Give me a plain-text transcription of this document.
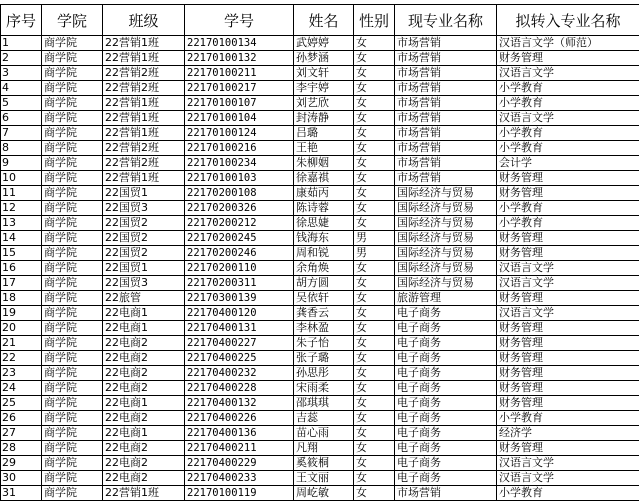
序号	学院	班级	学号	姓名	性别	现专业名称	拟转入专业名称
1	商学院	22营销1班	22170100134	武婷婷	女	市场营销	汉语言文学（师范）
2	商学院	22营销1班	22170100132	孙梦涵	女	市场营销	财务管理
3	商学院	22营销2班	22170100211	刘文轩	女	市场营销	汉语言文学
4	商学院	22营销2班	22170100217	李宇婷	女	市场营销	小学教育
5	商学院	22营销1班	22170100107	刘艺欣	女	市场营销	小学教育
6	商学院	22营销1班	22170100104	封涛静	女	市场营销	汉语言文学
7	商学院	22营销1班	22170100124	吕璐	女	市场营销	小学教育
8	商学院	22营销2班	22170100216	王艳	女	市场营销	小学教育
9	商学院	22营销2班	22170100234	朱柳姻	女	市场营销	会计学
10	商学院	22营销1班	22170100103	徐嘉祺	女	市场营销	财务管理
11	商学院	22国贸1	22170200108	康茹丙	女	国际经济与贸易	财务管理
12	商学院	22国贸3	22170200326	陈诗蓉	女	国际经济与贸易	小学教育
13	商学院	22国贸2	22170200212	徐思婕	女	国际经济与贸易	小学教育
14	商学院	22国贸2	22170200245	钱海东	男	国际经济与贸易	财务管理
15	商学院	22国贸2	22170200246	周和锐	男	国际经济与贸易	财务管理
16	商学院	22国贸1	22170200110	余角焕	女	国际经济与贸易	汉语言文学
17	商学院	22国贸3	22170200311	胡方圆	女	国际经济与贸易	汉语言文学
18	商学院	22旅管	22170300139	吴依轩	女	旅游管理	财务管理
19	商学院	22电商1	22170400120	龚香云	女	电子商务	汉语言文学
20	商学院	22电商1	22170400131	李林盈	女	电子商务	财务管理
21	商学院	22电商2	22170400227	朱子怡	女	电子商务	财务管理
22	商学院	22电商2	22170400225	张子璐	女	电子商务	财务管理
23	商学院	22电商2	22170400232	孙思彤	女	电子商务	财务管理
24	商学院	22电商2	22170400228	宋雨柔	女	电子商务	财务管理
25	商学院	22电商1	22170400132	邵琪琪	女	电子商务	财务管理
26	商学院	22电商2	22170400226	吉蕊	女	电子商务	小学教育
27	商学院	22电商1	22170400136	苗心雨	女	电子商务	经济学
28	商学院	22电商2	22170400211	凡翔	女	电子商务	财务管理
29	商学院	22电商2	22170400229	奚筱桐	女	电子商务	汉语言文学
30	商学院	22电商2	22170400233	王文丽	女	电子商务	汉语言文学
31	商学院	22营销1班	22170100119	周屹敏	女	市场营销	小学教育
